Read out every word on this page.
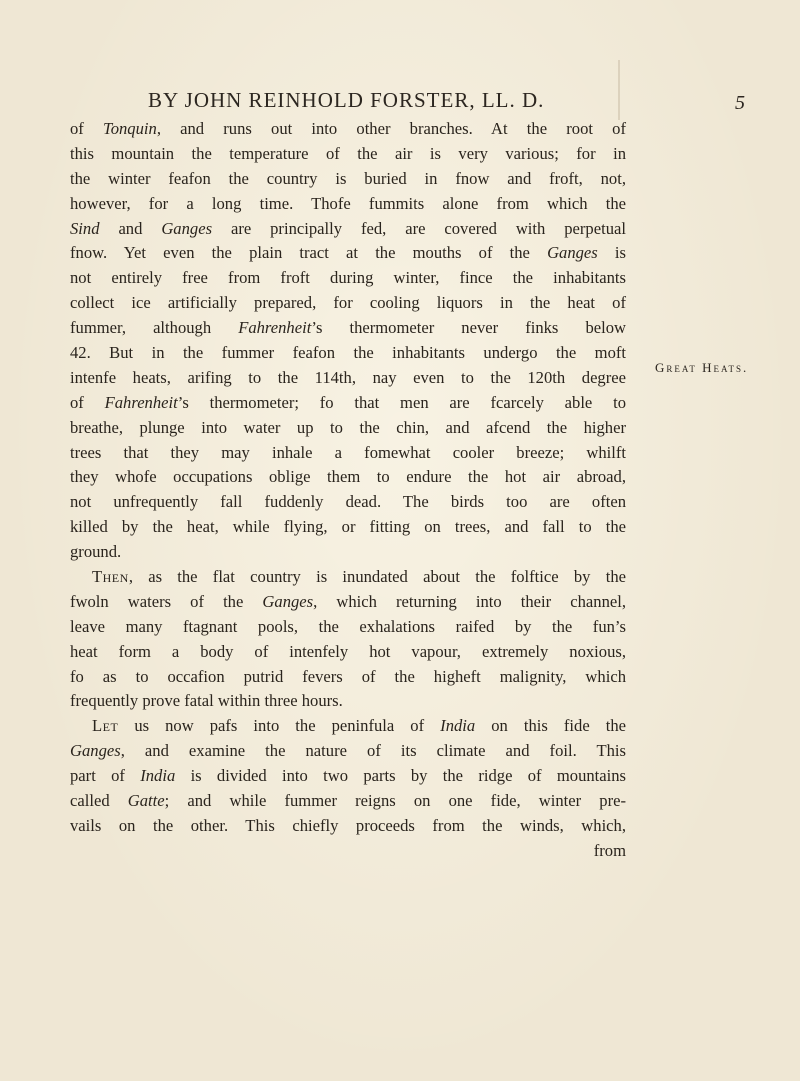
BY JOHN REINHOLD FORSTER, LL. D.	5
of Tonquin, and runs out into other branches. At the root of
this mountain the temperature of the air is very various; for in
the winter feafon the country is buried in fnow and froft, not,
however, for a long time. Thofe fummits alone from which the
Sind and Ganges are principally fed, are covered with perpetual
fnow. Yet even the plain tract at the mouths of the Ganges is
not entirely free from froft during winter, fince the inhabitants
collect ice artificially prepared, for cooling liquors in the heat of
fummer, although Fahrenheit’s thermometer never finks below
42. But in the fummer feafon the inhabitants undergo the moft
intenfe heats, arifing to the 114th, nay even to the 120th degree
of Fahrenheit’s thermometer; fo that men are fcarcely able to
breathe, plunge into water up to the chin, and afcend the higher
trees that they may inhale a fomewhat cooler breeze; whilft
they whofe occupations oblige them to endure the hot air abroad,
not unfrequently fall fuddenly dead. The birds too are often
killed by the heat, while flying, or fitting on trees, and fall to the
ground.
Then, as the flat country is inundated about the folftice by the
fwoln waters of the Ganges, which returning into their channel,
leave many ftagnant pools, the exhalations raifed by the fun’s
heat form a body of intenfely hot vapour, extremely noxious,
fo as to occafion putrid fevers of the higheft malignity, which
frequently prove fatal within three hours.
Let us now pafs into the peninfula of India on this fide the
Ganges, and examine the nature of its climate and foil. This
part of India is divided into two parts by the ridge of mountains
called Gatte; and while fummer reigns on one fide, winter pre-
vails on the other. This chiefly proceeds from the winds, which,
from
Great Heats.
